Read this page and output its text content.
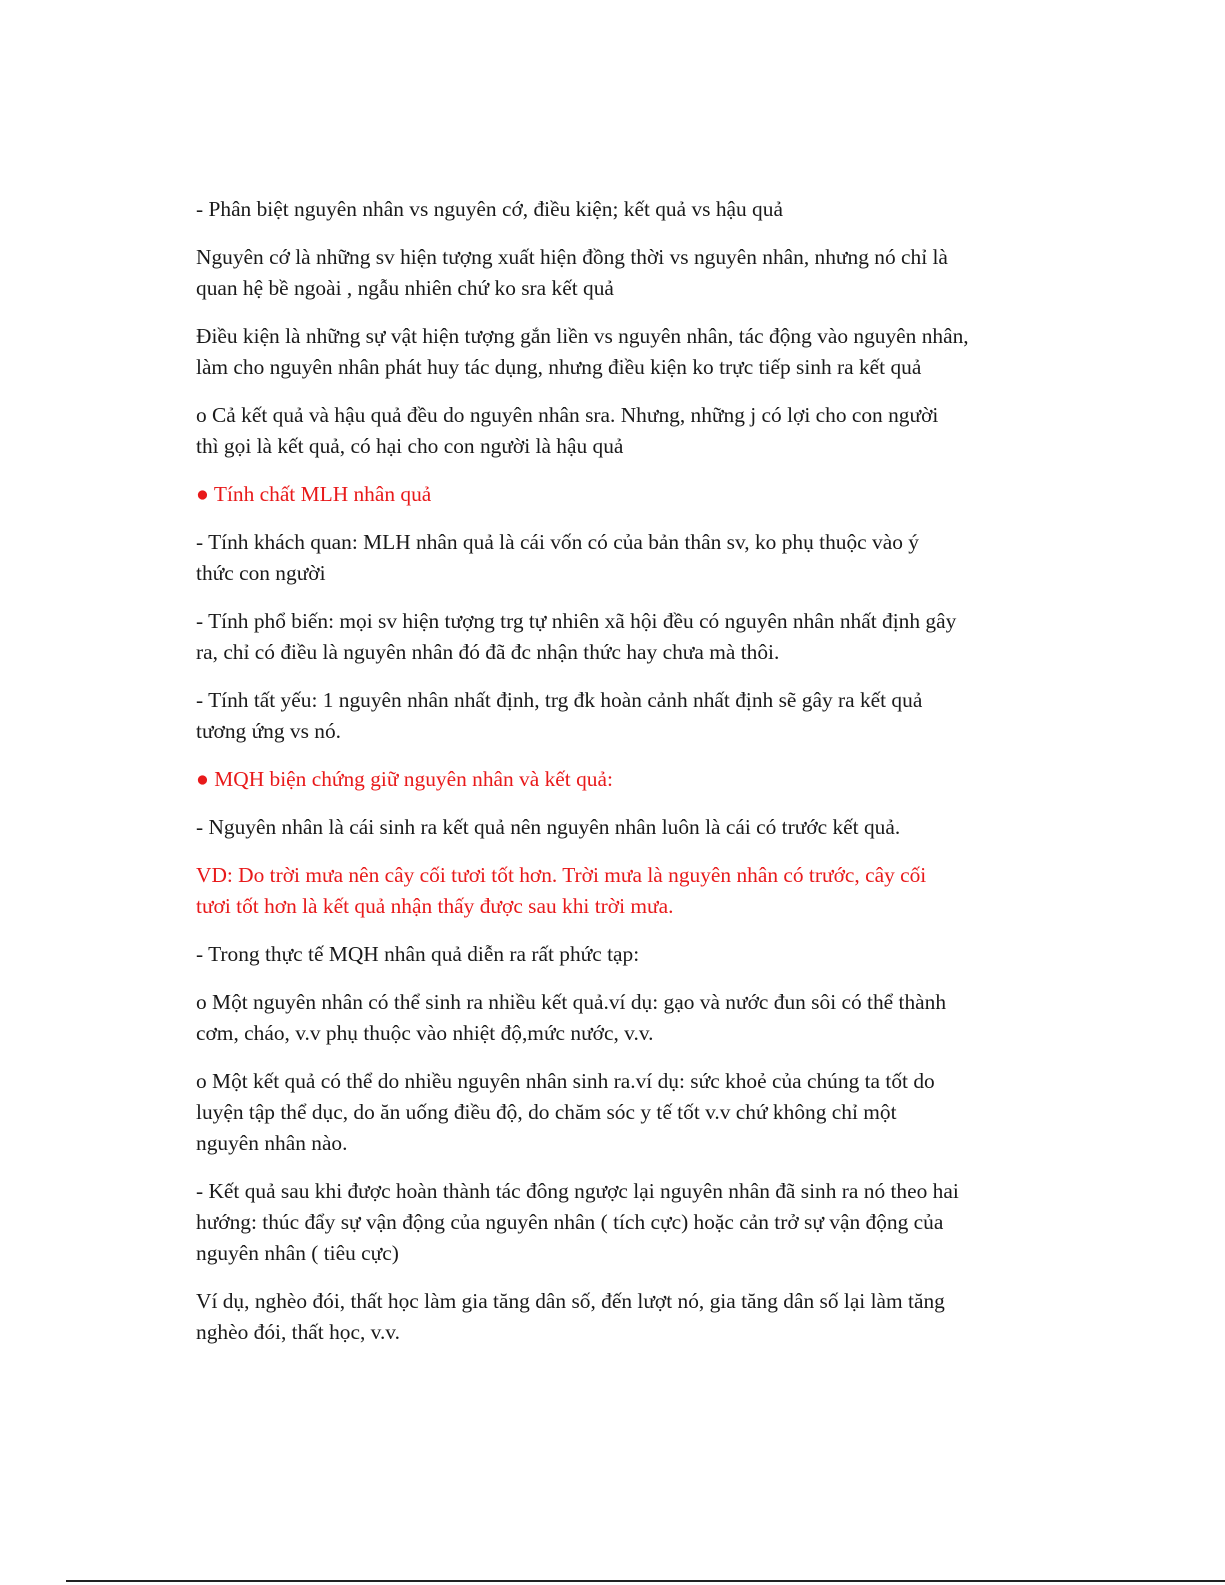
- Phân biệt nguyên nhân vs nguyên cớ, điều kiện; kết quả vs hậu quả

Nguyên cớ là những sv hiện tượng xuất hiện đồng thời vs nguyên nhân, nhưng nó chỉ là
quan hệ bề ngoài , ngẫu nhiên chứ ko sra kết quả

Điều kiện là những sự vật hiện tượng gắn liền vs nguyên nhân, tác động vào nguyên nhân,
làm cho nguyên nhân phát huy tác dụng, nhưng điều kiện ko trực tiếp sinh ra kết quả

o Cả kết quả và hậu quả đều do nguyên nhân sra. Nhưng, những j có lợi cho con người
thì gọi là kết quả, có hại cho con người là hậu quả

● Tính chất MLH nhân quả

- Tính khách quan: MLH nhân quả là cái vốn có của bản thân sv, ko phụ thuộc vào ý
thức con người

- Tính phổ biến: mọi sv hiện tượng trg tự nhiên xã hội đều có nguyên nhân nhất định gây
ra, chỉ có điều là nguyên nhân đó đã đc nhận thức hay chưa mà thôi.

- Tính tất yếu: 1 nguyên nhân nhất định, trg đk hoàn cảnh nhất định sẽ gây ra kết quả
tương ứng vs nó.

● MQH biện chứng giữ nguyên nhân và kết quả:

- Nguyên nhân là cái sinh ra kết quả nên nguyên nhân luôn là cái có trước kết quả.

VD: Do trời mưa nên cây cối tươi tốt hơn. Trời mưa là nguyên nhân có trước, cây cối
tươi tốt hơn là kết quả nhận thấy được sau khi trời mưa.

- Trong thực tế MQH nhân quả diễn ra rất phức tạp:

o Một nguyên nhân có thể sinh ra nhiều kết quả.ví dụ: gạo và nước đun sôi có thể thành
cơm, cháo, v.v phụ thuộc vào nhiệt độ,mức nước, v.v.

o Một kết quả có thể do nhiều nguyên nhân sinh ra.ví dụ: sức khoẻ của chúng ta tốt do
luyện tập thể dục, do ăn uống điều độ, do chăm sóc y tế tốt v.v chứ không chỉ một
nguyên nhân nào.

- Kết quả sau khi được hoàn thành tác đông ngược lại nguyên nhân đã sinh ra nó theo hai
hướng: thúc đẩy sự vận động của nguyên nhân ( tích cực) hoặc cản trở sự vận động của
nguyên nhân ( tiêu cực)

Ví dụ, nghèo đói, thất học làm gia tăng dân số, đến lượt nó, gia tăng dân số lại làm tăng
nghèo đói, thất học, v.v.
